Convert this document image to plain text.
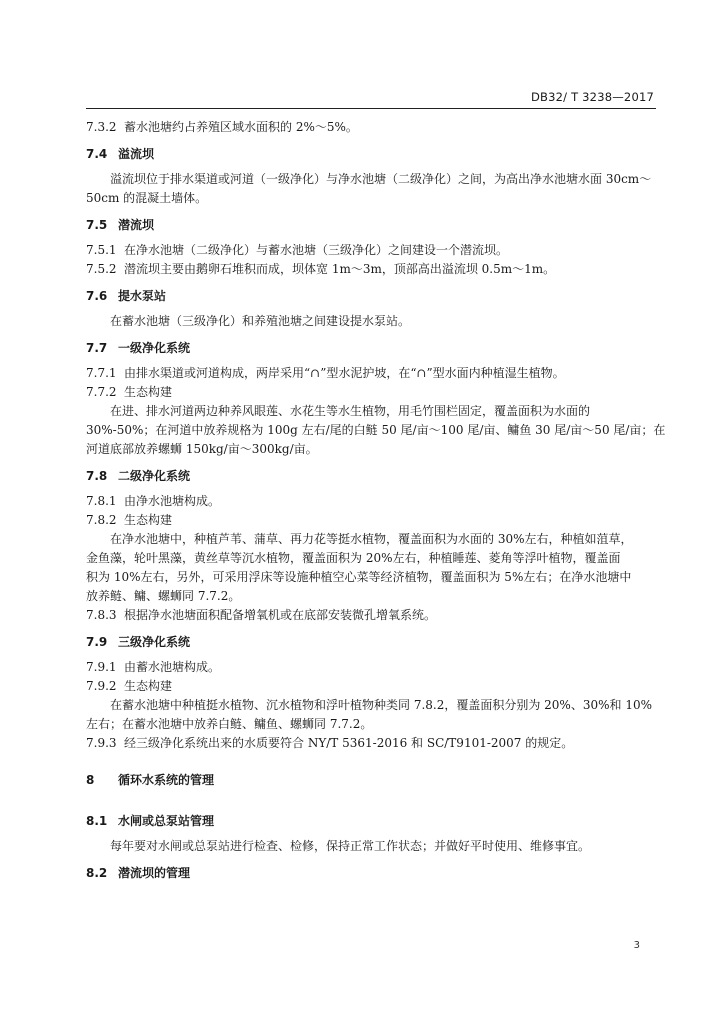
DB32/ T 3238—2017
7.3.2 蓄水池塘约占养殖区域水面积的 2%～5%。
7.4 溢流坝
溢流坝位于排水渠道或河道（一级净化）与净水池塘（二级净化）之间，为高出净水池塘水面 30cm～
50cm 的混凝土墙体。
7.5 潜流坝
7.5.1 在净水池塘（二级净化）与蓄水池塘（三级净化）之间建设一个潜流坝。
7.5.2 潜流坝主要由鹅卵石堆积而成，坝体宽 1m～3m，顶部高出溢流坝 0.5m～1m。
7.6 提水泵站
在蓄水池塘（三级净化）和养殖池塘之间建设提水泵站。
7.7 一级净化系统
7.7.1 由排水渠道或河道构成，两岸采用“∩”型水泥护坡，在“∩”型水面内种植湿生植物。
7.7.2 生态构建
在进、排水河道两边种养风眼莲、水花生等水生植物，用毛竹围栏固定，覆盖面积为水面的
30%-50%；在河道中放养规格为 100g 左右/尾的白鲢 50 尾/亩～100 尾/亩、鳙鱼 30 尾/亩～50 尾/亩；在
河道底部放养螺蛳 150kg/亩～300kg/亩。
7.8 二级净化系统
7.8.1 由净水池塘构成。
7.8.2 生态构建
在净水池塘中，种植芦苇、蒲草、再力花等挺水植物，覆盖面积为水面的 30%左右，种植如菹草，
金鱼藻，轮叶黑藻，黄丝草等沉水植物，覆盖面积为 20%左右，种植睡莲、菱角等浮叶植物，覆盖面
积为 10%左右，另外，可采用浮床等设施种植空心菜等经济植物，覆盖面积为 5%左右；在净水池塘中
放养鲢、鳙、螺蛳同 7.7.2。
7.8.3 根据净水池塘面积配备增氧机或在底部安装微孔增氧系统。
7.9 三级净化系统
7.9.1 由蓄水池塘构成。
7.9.2 生态构建
在蓄水池塘中种植挺水植物、沉水植物和浮叶植物种类同 7.8.2，覆盖面积分别为 20%、30%和 10%
左右；在蓄水池塘中放养白鲢、鳙鱼、螺蛳同 7.7.2。
7.9.3 经三级净化系统出来的水质要符合 NY/T 5361-2016 和 SC/T9101-2007 的规定。
8 循环水系统的管理
8.1 水闸或总泵站管理
每年要对水闸或总泵站进行检查、检修，保持正常工作状态；并做好平时使用、维修事宜。
8.2 潜流坝的管理
3
